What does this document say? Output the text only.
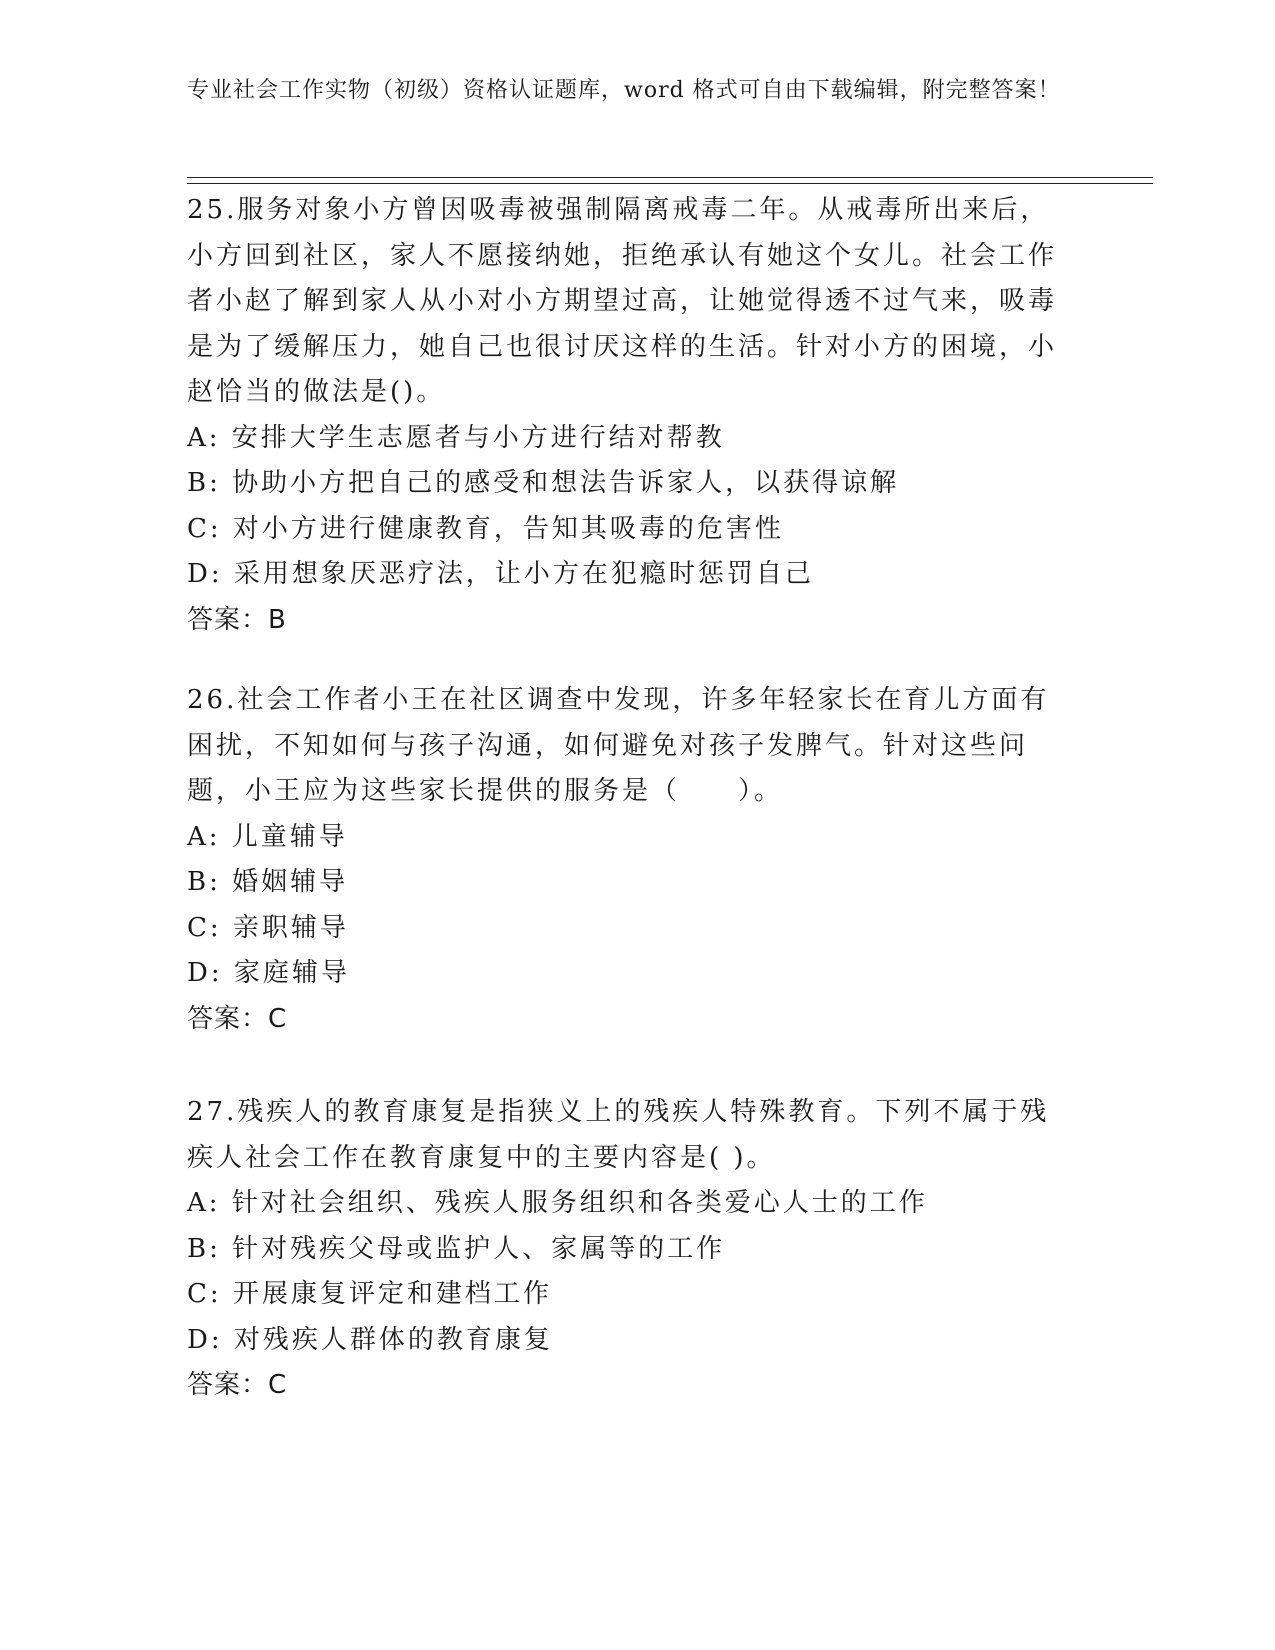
专业社会工作实物（初级）资格认证题库，word 格式可自由下载编辑，附完整答案！

25.服务对象小方曾因吸毒被强制隔离戒毒二年。从戒毒所出来后，小方回到社区，家人不愿接纳她，拒绝承认有她这个女儿。社会工作者小赵了解到家人从小对小方期望过高，让她觉得透不过气来，吸毒是为了缓解压力，她自己也很讨厌这样的生活。针对小方的困境，小赵恰当的做法是()。

A: 安排大学生志愿者与小方进行结对帮教

B: 协助小方把自己的感受和想法告诉家人，以获得谅解

C: 对小方进行健康教育，告知其吸毒的危害性

D: 采用想象厌恶疗法，让小方在犯瘾时惩罚自己

答案：B

26.社会工作者小王在社区调查中发现，许多年轻家长在育儿方面有困扰，不知如何与孩子沟通，如何避免对孩子发脾气。针对这些问题，小王应为这些家长提供的服务是（　　）。

A: 儿童辅导

B: 婚姻辅导

C: 亲职辅导

D: 家庭辅导

答案：C

27.残疾人的教育康复是指狭义上的残疾人特殊教育。下列不属于残疾人社会工作在教育康复中的主要内容是( )。

A: 针对社会组织、残疾人服务组织和各类爱心人士的工作

B: 针对残疾父母或监护人、家属等的工作

C: 开展康复评定和建档工作

D: 对残疾人群体的教育康复

答案：C
